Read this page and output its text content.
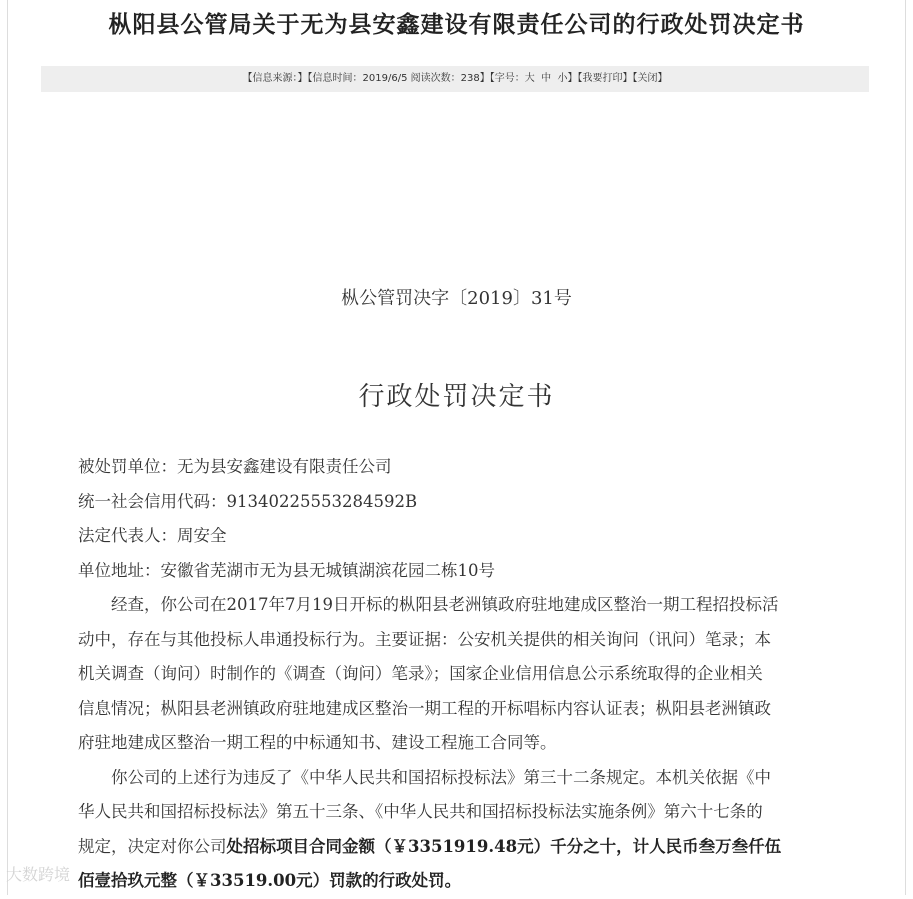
枞阳县公管局关于无为县安鑫建设有限责任公司的行政处罚决定书
【信息来源：】【信息时间：2019/6/5 阅读次数：238】【字号：大 中 小】【我要打印】【关闭】
枞公管罚决字〔2019〕31号
行政处罚决定书
被处罚单位：无为县安鑫建设有限责任公司
统一社会信用代码：91340225553284592B
法定代表人：周安全
单位地址：安徽省芜湖市无为县无城镇湖滨花园二栋10号
经查，你公司在2017年7月19日开标的枞阳县老洲镇政府驻地建成区整治一期工程招投标活
动中，存在与其他投标人串通投标行为。主要证据：公安机关提供的相关询问（讯问）笔录；本
机关调查（询问）时制作的《调查（询问）笔录》；国家企业信用信息公示系统取得的企业相关
信息情况；枞阳县老洲镇政府驻地建成区整治一期工程的开标唱标内容认证表；枞阳县老洲镇政
府驻地建成区整治一期工程的中标通知书、建设工程施工合同等。
你公司的上述行为违反了《中华人民共和国招标投标法》第三十二条规定。本机关依据《中
华人民共和国招标投标法》第五十三条、《中华人民共和国招标投标法实施条例》第六十七条的
规定，决定对你公司处招标项目合同金额（￥3351919.48元）千分之十，计人民币叁万叁仟伍
佰壹拾玖元整（￥33519.00元）罚款的行政处罚。
大数跨境
